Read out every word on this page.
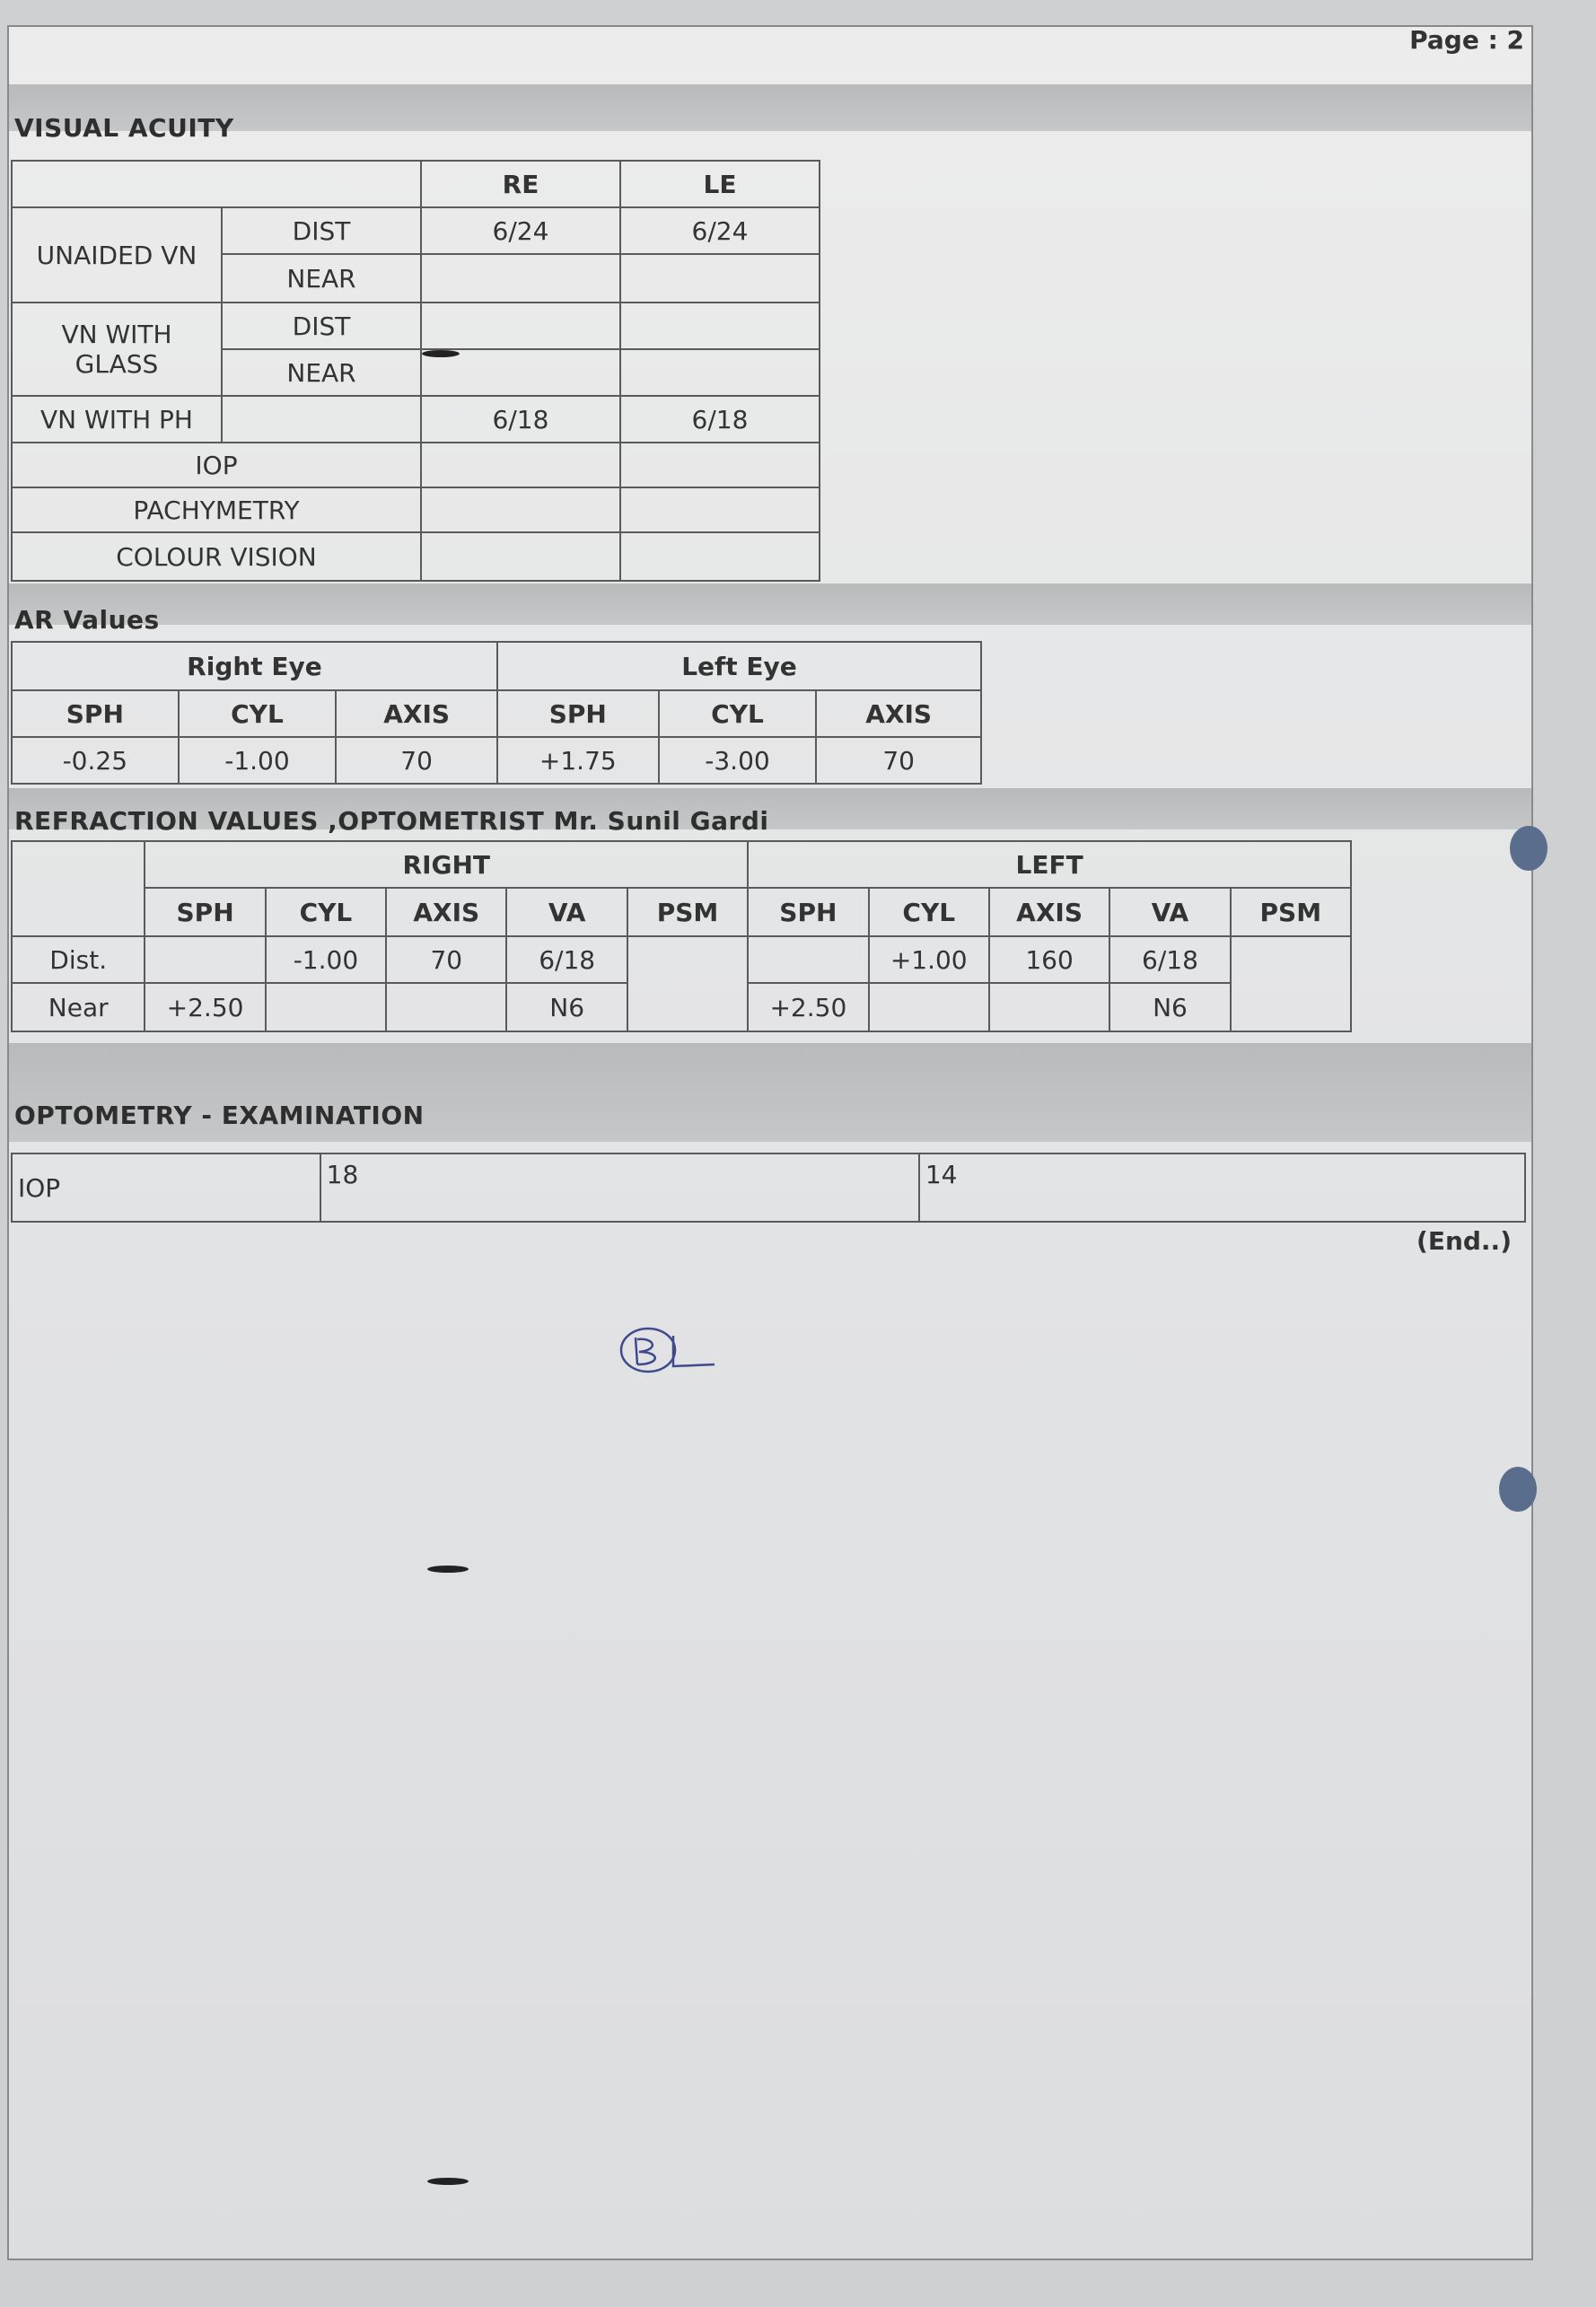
Page : 2
VISUAL ACUITY
		RE	LE
UNAIDED VN	DIST	6/24	6/24
	NEAR		
VN WITH GLASS	DIST		
	NEAR		
VN WITH PH		6/18	6/18
IOP			
PACHYMETRY			
COLOUR VISION			
AR Values
Right Eye			Left Eye		
SPH	CYL	AXIS	SPH	CYL	AXIS
-0.25	-1.00	70	+1.75	-3.00	70
REFRACTION VALUES ,OPTOMETRIST Mr. Sunil Gardi
	RIGHT					LEFT				
	SPH	CYL	AXIS	VA	PSM	SPH	CYL	AXIS	VA	PSM
Dist.		-1.00	70	6/18			+1.00	160	6/18	
Near	+2.50			N6		+2.50			N6	
OPTOMETRY - EXAMINATION
IOP	18	14
(End..)
